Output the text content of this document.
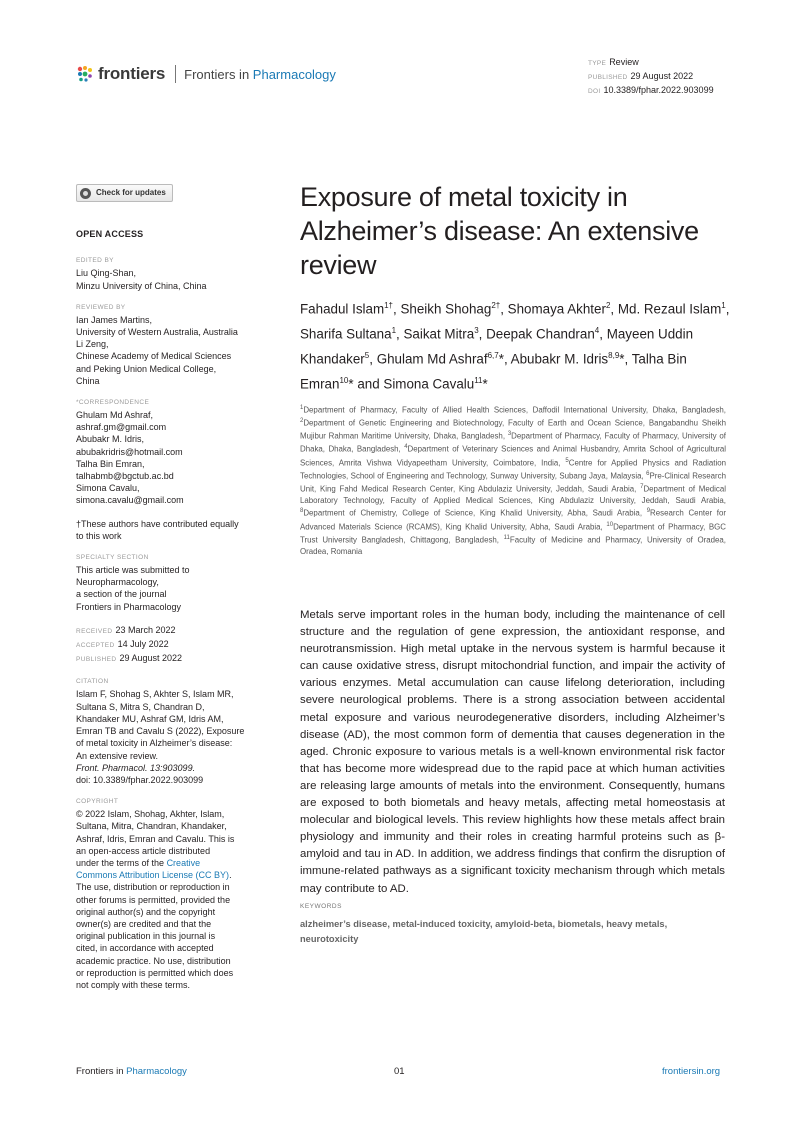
frontiers Frontiers in Pharmacology
TYPE Review
PUBLISHED 29 August 2022
DOI 10.3389/fphar.2022.903099
Check for updates
OPEN ACCESS
EDITED BY
Liu Qing-Shan,
Minzu University of China, China
REVIEWED BY
Ian James Martins,
University of Western Australia, Australia
Li Zeng,
Chinese Academy of Medical Sciences
and Peking Union Medical College,
China
*CORRESPONDENCE
Ghulam Md Ashraf,
ashraf.gm@gmail.com
Abubakr M. Idris,
abubakridris@hotmail.com
Talha Bin Emran,
talhabmb@bgctub.ac.bd
Simona Cavalu,
simona.cavalu@gmail.com
†These authors have contributed equally
to this work
SPECIALTY SECTION
This article was submitted to
Neuropharmacology,
a section of the journal
Frontiers in Pharmacology
RECEIVED 23 March 2022
ACCEPTED 14 July 2022
PUBLISHED 29 August 2022
CITATION
Islam F, Shohag S, Akhter S, Islam MR,
Sultana S, Mitra S, Chandran D,
Khandaker MU, Ashraf GM, Idris AM,
Emran TB and Cavalu S (2022), Exposure
of metal toxicity in Alzheimer’s disease:
An extensive review.
Front. Pharmacol. 13:903099.
doi: 10.3389/fphar.2022.903099
COPYRIGHT
© 2022 Islam, Shohag, Akhter, Islam,
Sultana, Mitra, Chandran, Khandaker,
Ashraf, Idris, Emran and Cavalu. This is
an open-access article distributed
under the terms of the Creative
Commons Attribution License (CC BY).
The use, distribution or reproduction in
other forums is permitted, provided the
original author(s) and the copyright
owner(s) are credited and that the
original publication in this journal is
cited, in accordance with accepted
academic practice. No use, distribution
or reproduction is permitted which does
not comply with these terms.
Exposure of metal toxicity in Alzheimer’s disease: An extensive review
Fahadul Islam$^{1\dagger}$, Sheikh Shohag$^{2\dagger}$, Shomaya Akhter$^2$, Md. Rezaul Islam$^1$, Sharifa Sultana$^1$, Saikat Mitra$^3$, Deepak Chandran$^4$, Mayeen Uddin Khandaker$^5$, Ghulam Md Ashraf$^{6,7}$*, Abubakr M. Idris$^{8,9}$*, Talha Bin Emran$^{10}$* and Simona Cavalu$^{11}$*
$^1$Department of Pharmacy, Faculty of Allied Health Sciences, Daffodil International University, Dhaka, Bangladesh, $^2$Department of Genetic Engineering and Biotechnology, Faculty of Earth and Ocean Science, Bangabandhu Sheikh Mujibur Rahman Maritime University, Dhaka, Bangladesh, $^3$Department of Pharmacy, Faculty of Pharmacy, University of Dhaka, Dhaka, Bangladesh, $^4$Department of Veterinary Sciences and Animal Husbandry, Amrita School of Agricultural Sciences, Amrita Vishwa Vidyapeetham University, Coimbatore, India, $^5$Centre for Applied Physics and Radiation Technologies, School of Engineering and Technology, Sunway University, Subang Jaya, Malaysia, $^6$Pre-Clinical Research Unit, King Fahd Medical Research Center, King Abdulaziz University, Jeddah, Saudi Arabia, $^7$Department of Medical Laboratory Technology, Faculty of Applied Medical Sciences, King Abdulaziz University, Jeddah, Saudi Arabia, $^8$Department of Chemistry, College of Science, King Khalid University, Abha, Saudi Arabia, $^9$Research Center for Advanced Materials Science (RCAMS), King Khalid University, Abha, Saudi Arabia, $^{10}$Department of Pharmacy, BGC Trust University Bangladesh, Chittagong, Bangladesh, $^{11}$Faculty of Medicine and Pharmacy, University of Oradea, Oradea, Romania
Metals serve important roles in the human body, including the maintenance of cell structure and the regulation of gene expression, the antioxidant response, and neurotransmission. High metal uptake in the nervous system is harmful because it can cause oxidative stress, disrupt mitochondrial function, and impair the activity of various enzymes. Metal accumulation can cause lifelong deterioration, including severe neurological problems. There is a strong association between accidental metal exposure and various neurodegenerative disorders, including Alzheimer’s disease (AD), the most common form of dementia that causes degeneration in the aged. Chronic exposure to various metals is a well-known environmental risk factor that has become more widespread due to the rapid pace at which human activities are releasing large amounts of metals into the environment. Consequently, humans are exposed to both biometals and heavy metals, affecting metal homeostasis at molecular and biological levels. This review highlights how these metals affect brain physiology and immunity and their roles in creating harmful proteins such as β-amyloid and tau in AD. In addition, we address findings that confirm the disruption of immune-related pathways as a significant toxicity mechanism through which metals may contribute to AD.
KEYWORDS
alzheimer’s disease, metal-induced toxicity, amyloid-beta, biometals, heavy metals, neurotoxicity
Frontiers in Pharmacology	01	frontiersin.org
